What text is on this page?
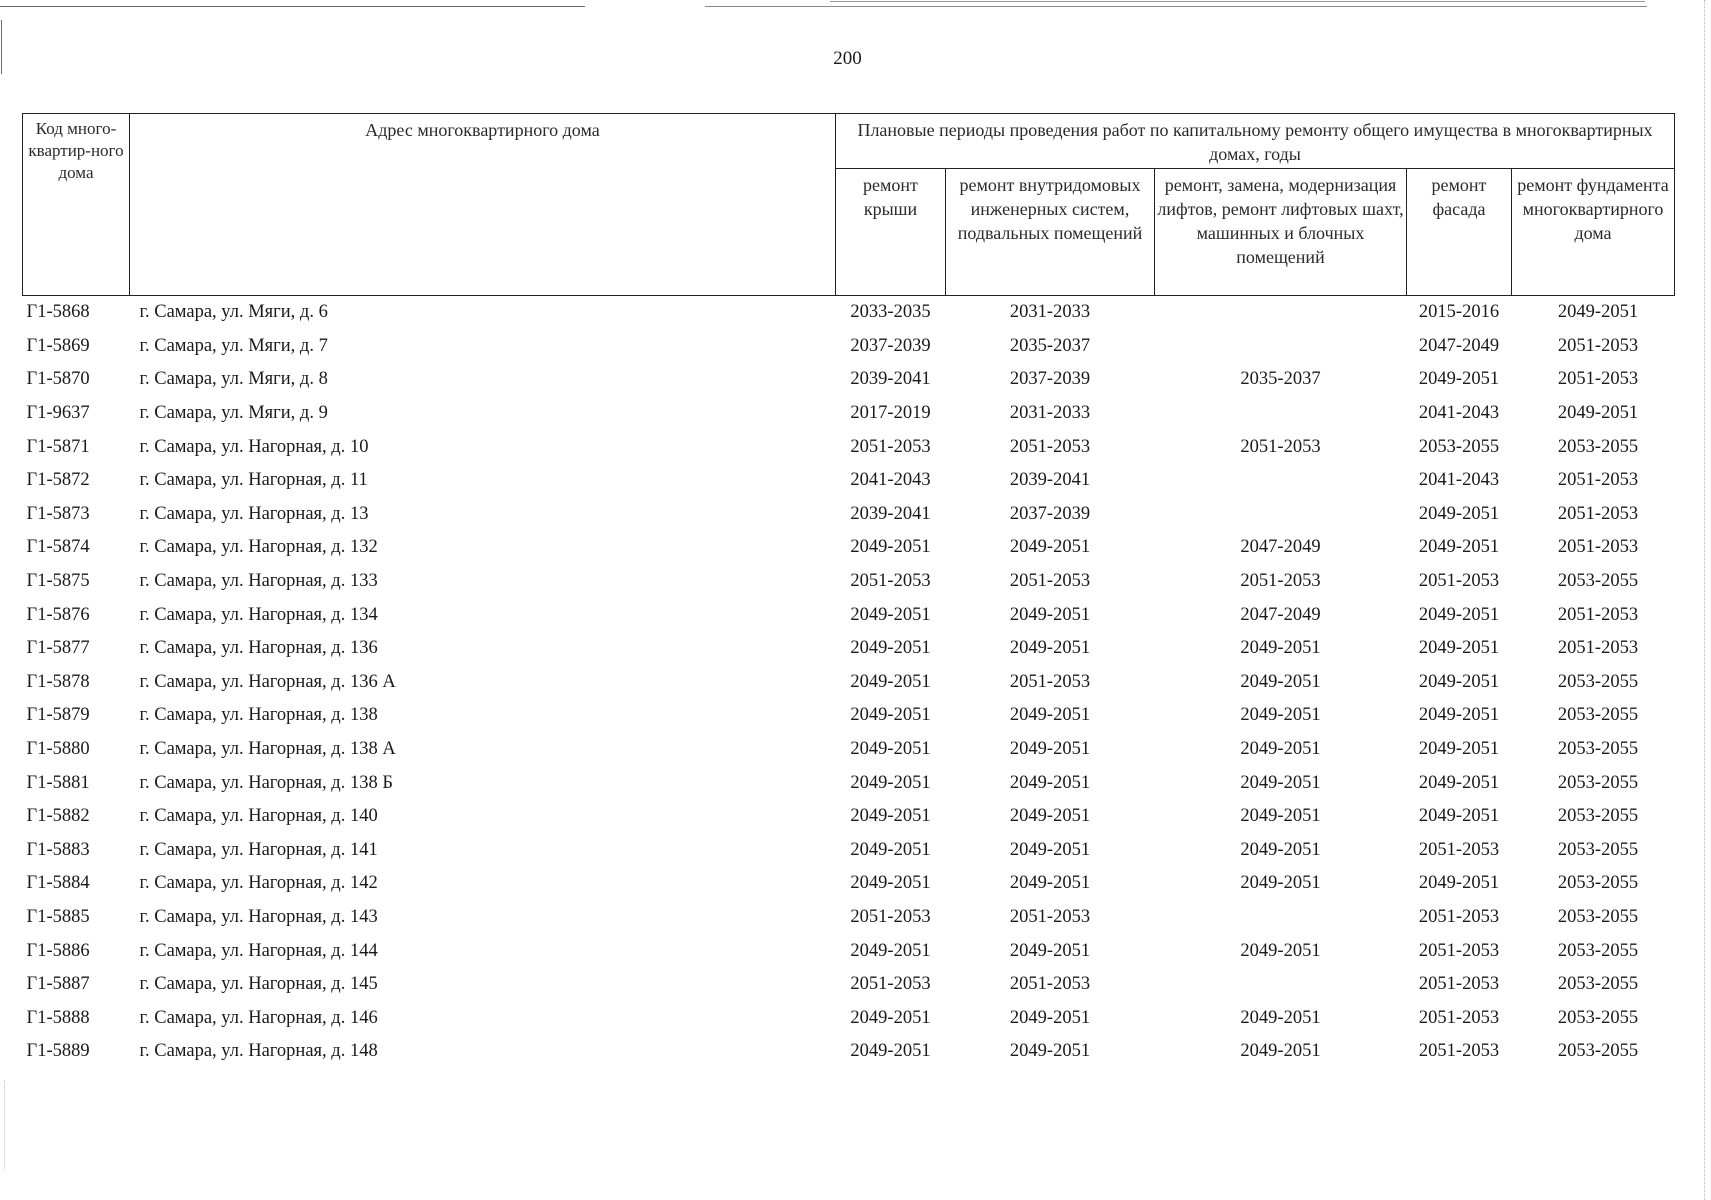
200
Код много-квартир-ного дома	Адрес многоквартирного дома	Плановые периоды проведения работ по капитальному ремонту общего имущества в многоквартирных домах, годы				
		ремонт крыши	ремонт внутридомовых инженерных систем, подвальных помещений	ремонт, замена, модернизация лифтов, ремонт лифтовых шахт, машинных и блочных помещений	ремонт фасада	ремонт фундамента многоквартирного дома
Г1-5868	г. Самара, ул. Мяги, д. 6	2033-2035	2031-2033		2015-2016	2049-2051
Г1-5869	г. Самара, ул. Мяги, д. 7	2037-2039	2035-2037		2047-2049	2051-2053
Г1-5870	г. Самара, ул. Мяги, д. 8	2039-2041	2037-2039	2035-2037	2049-2051	2051-2053
Г1-9637	г. Самара, ул. Мяги, д. 9	2017-2019	2031-2033		2041-2043	2049-2051
Г1-5871	г. Самара, ул. Нагорная, д. 10	2051-2053	2051-2053	2051-2053	2053-2055	2053-2055
Г1-5872	г. Самара, ул. Нагорная, д. 11	2041-2043	2039-2041		2041-2043	2051-2053
Г1-5873	г. Самара, ул. Нагорная, д. 13	2039-2041	2037-2039		2049-2051	2051-2053
Г1-5874	г. Самара, ул. Нагорная, д. 132	2049-2051	2049-2051	2047-2049	2049-2051	2051-2053
Г1-5875	г. Самара, ул. Нагорная, д. 133	2051-2053	2051-2053	2051-2053	2051-2053	2053-2055
Г1-5876	г. Самара, ул. Нагорная, д. 134	2049-2051	2049-2051	2047-2049	2049-2051	2051-2053
Г1-5877	г. Самара, ул. Нагорная, д. 136	2049-2051	2049-2051	2049-2051	2049-2051	2051-2053
Г1-5878	г. Самара, ул. Нагорная, д. 136 А	2049-2051	2051-2053	2049-2051	2049-2051	2053-2055
Г1-5879	г. Самара, ул. Нагорная, д. 138	2049-2051	2049-2051	2049-2051	2049-2051	2053-2055
Г1-5880	г. Самара, ул. Нагорная, д. 138 А	2049-2051	2049-2051	2049-2051	2049-2051	2053-2055
Г1-5881	г. Самара, ул. Нагорная, д. 138 Б	2049-2051	2049-2051	2049-2051	2049-2051	2053-2055
Г1-5882	г. Самара, ул. Нагорная, д. 140	2049-2051	2049-2051	2049-2051	2049-2051	2053-2055
Г1-5883	г. Самара, ул. Нагорная, д. 141	2049-2051	2049-2051	2049-2051	2051-2053	2053-2055
Г1-5884	г. Самара, ул. Нагорная, д. 142	2049-2051	2049-2051	2049-2051	2049-2051	2053-2055
Г1-5885	г. Самара, ул. Нагорная, д. 143	2051-2053	2051-2053		2051-2053	2053-2055
Г1-5886	г. Самара, ул. Нагорная, д. 144	2049-2051	2049-2051	2049-2051	2051-2053	2053-2055
Г1-5887	г. Самара, ул. Нагорная, д. 145	2051-2053	2051-2053		2051-2053	2053-2055
Г1-5888	г. Самара, ул. Нагорная, д. 146	2049-2051	2049-2051	2049-2051	2051-2053	2053-2055
Г1-5889	г. Самара, ул. Нагорная, д. 148	2049-2051	2049-2051	2049-2051	2051-2053	2053-2055
